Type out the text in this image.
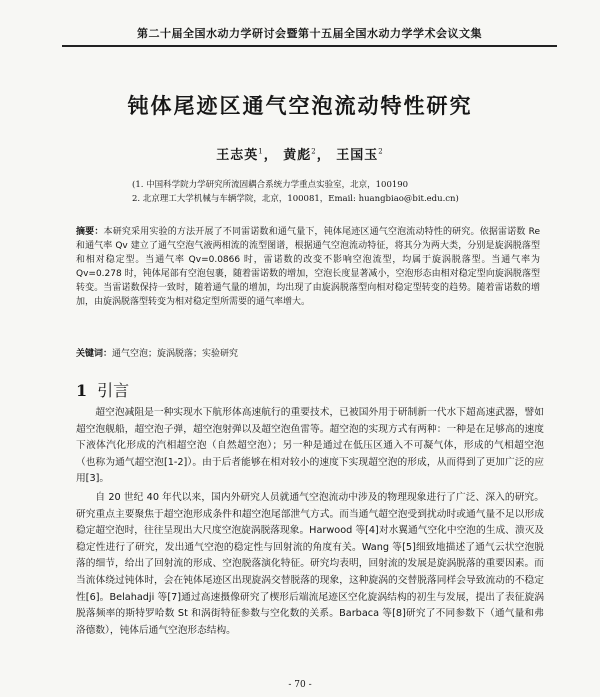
第二十届全国水动力学研讨会暨第十五届全国水动力学学术会议文集
钝体尾迹区通气空泡流动特性研究
王志英$^1$， 黄彪$^2$， 王国玉$^2$
(1. 中国科学院力学研究所流固耦合系统力学重点实验室，北京，100190
2. 北京理工大学机械与车辆学院，北京，100081，Email: huangbiao@bit.edu.cn)
摘要：本研究采用实验的方法开展了不同雷诺数和通气量下，钝体尾迹区通气空泡流动特性的研究。依据雷诺数 Re 和通气率 Qv 建立了通气空泡气液两相流的流型图谱，根据通气空泡流动特征，将其分为两大类，分别是旋涡脱落型和相对稳定型。当通气率 Qv=0.0866 时，雷诺数的改变不影响空泡流型，均属于旋涡脱落型。当通气率为 Qv=0.278 时，钝体尾部有空泡包裹，随着雷诺数的增加，空泡长度显著减小，空泡形态由相对稳定型向旋涡脱落型转变。当雷诺数保持一致时，随着通气量的增加，均出现了由旋涡脱落型向相对稳定型转变的趋势。随着雷诺数的增加，由旋涡脱落型转变为相对稳定型所需要的通气率增大。
关键词：通气空泡；旋涡脱落；实验研究
1 引言

超空泡减阻是一种实现水下航形体高速航行的重要技术，已被国外用于研制新一代水下超高速武器，譬如超空泡舰船，超空泡子弹，超空泡射弹以及超空泡鱼雷等。超空泡的实现方式有两种：一种是在足够高的速度下液体汽化形成的汽相超空泡（自然超空泡）；另一种是通过在低压区通入不可凝气体，形成的气相超空泡（也称为通气超空泡[1-2]）。由于后者能够在相对较小的速度下实现超空泡的形成，从而得到了更加广泛的应用[3]。

自 20 世纪 40 年代以来，国内外研究人员就通气空泡流动中涉及的物理现象进行了广泛、深入的研究。研究重点主要聚焦于超空泡形成条件和超空泡尾部泄气方式。而当通气超空泡受到扰动时或通气量不足以形成稳定超空泡时，往往呈现出大尺度空泡旋涡脱落现象。Harwood 等[4]对水翼通气空化中空泡的生成、溃灭及稳定性进行了研究，发出通气空泡的稳定性与回射流的角度有关。Wang 等[5]细致地描述了通气云状空泡脱落的细节，给出了回射流的形成、空泡脱落演化特征。研究均表明，回射流的发展是旋涡脱落的重要因素。而当流体绕过钝体时，会在钝体尾迹区出现旋涡交替脱落的现象，这种旋涡的交替脱落同样会导致流动的不稳定性[6]。Belahadji 等[7]通过高速摄像研究了楔形后端流尾迹区空化旋涡结构的初生与发展，提出了表征旋涡脱落频率的斯特罗哈数 St 和涡街特征参数与空化数的关系。Barbaca 等[8]研究了不同参数下（通气量和弗洛德数），钝体后通气空泡形态结构。

- 70 -
